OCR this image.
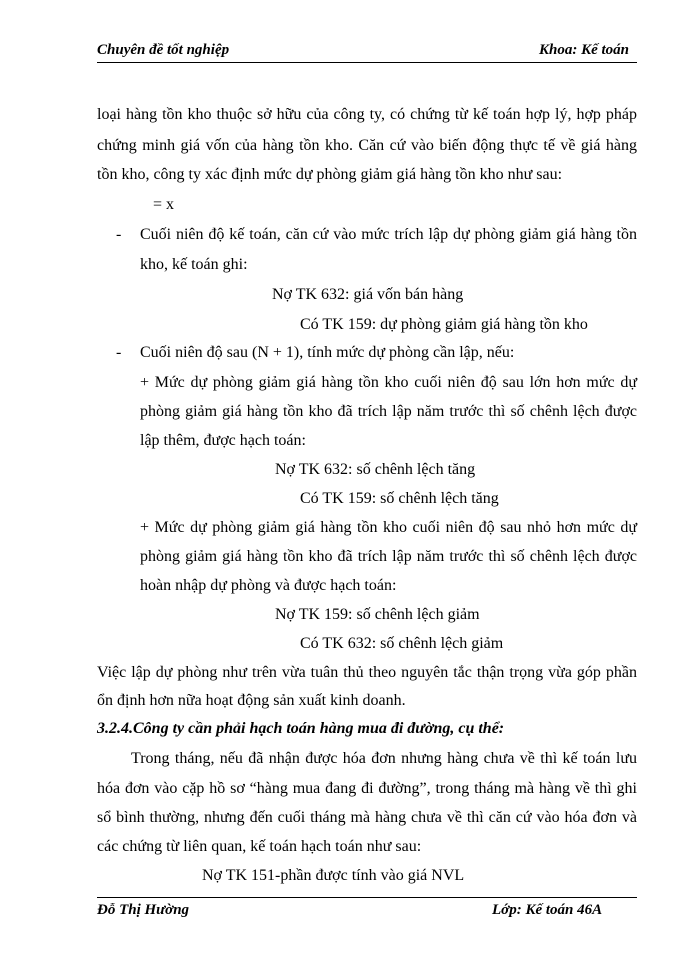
Chuyên đề tốt nghiệp	Khoa: Kế toán
loại hàng tồn kho thuộc sở hữu của công ty, có chứng từ kế toán hợp lý, hợp pháp
chứng minh giá vốn của hàng tồn kho. Căn cứ vào biến động thực tế về giá hàng
tồn kho, công ty xác định mức dự phòng giảm giá hàng tồn kho như sau:
= x
- Cuối niên độ kế toán, căn cứ vào mức trích lập dự phòng giảm giá hàng tồn
kho, kế toán ghi:
Nợ TK 632: giá vốn bán hàng
Có TK 159: dự phòng giảm giá hàng tồn kho
- Cuối niên độ sau (N + 1), tính mức dự phòng cần lập, nếu:
+ Mức dự phòng giảm giá hàng tồn kho cuối niên độ sau lớn hơn mức dự
phòng giảm giá hàng tồn kho đã trích lập năm trước thì số chênh lệch được
lập thêm, được hạch toán:
Nợ TK 632: số chênh lệch tăng
Có TK 159: số chênh lệch tăng
+ Mức dự phòng giảm giá hàng tồn kho cuối niên độ sau nhỏ hơn mức dự
phòng giảm giá hàng tồn kho đã trích lập năm trước thì số chênh lệch được
hoàn nhập dự phòng và được hạch toán:
Nợ TK 159: số chênh lệch giảm
Có TK 632: số chênh lệch giảm
Việc lập dự phòng như trên vừa tuân thủ theo nguyên tắc thận trọng vừa góp phần
ổn định hơn nữa hoạt động sản xuất kinh doanh.
3.2.4.Công ty cần phải hạch toán hàng mua đi đường, cụ thể:
Trong tháng, nếu đã nhận được hóa đơn nhưng hàng chưa về thì kế toán lưu
hóa đơn vào cặp hồ sơ “hàng mua đang đi đường”, trong tháng mà hàng về thì ghi
sổ bình thường, nhưng đến cuối tháng mà hàng chưa về thì căn cứ vào hóa đơn và
các chứng từ liên quan, kế toán hạch toán như sau:
Nợ TK 151-phần được tính vào giá NVL
Đỗ Thị Hường	Lớp: Kế toán 46A
